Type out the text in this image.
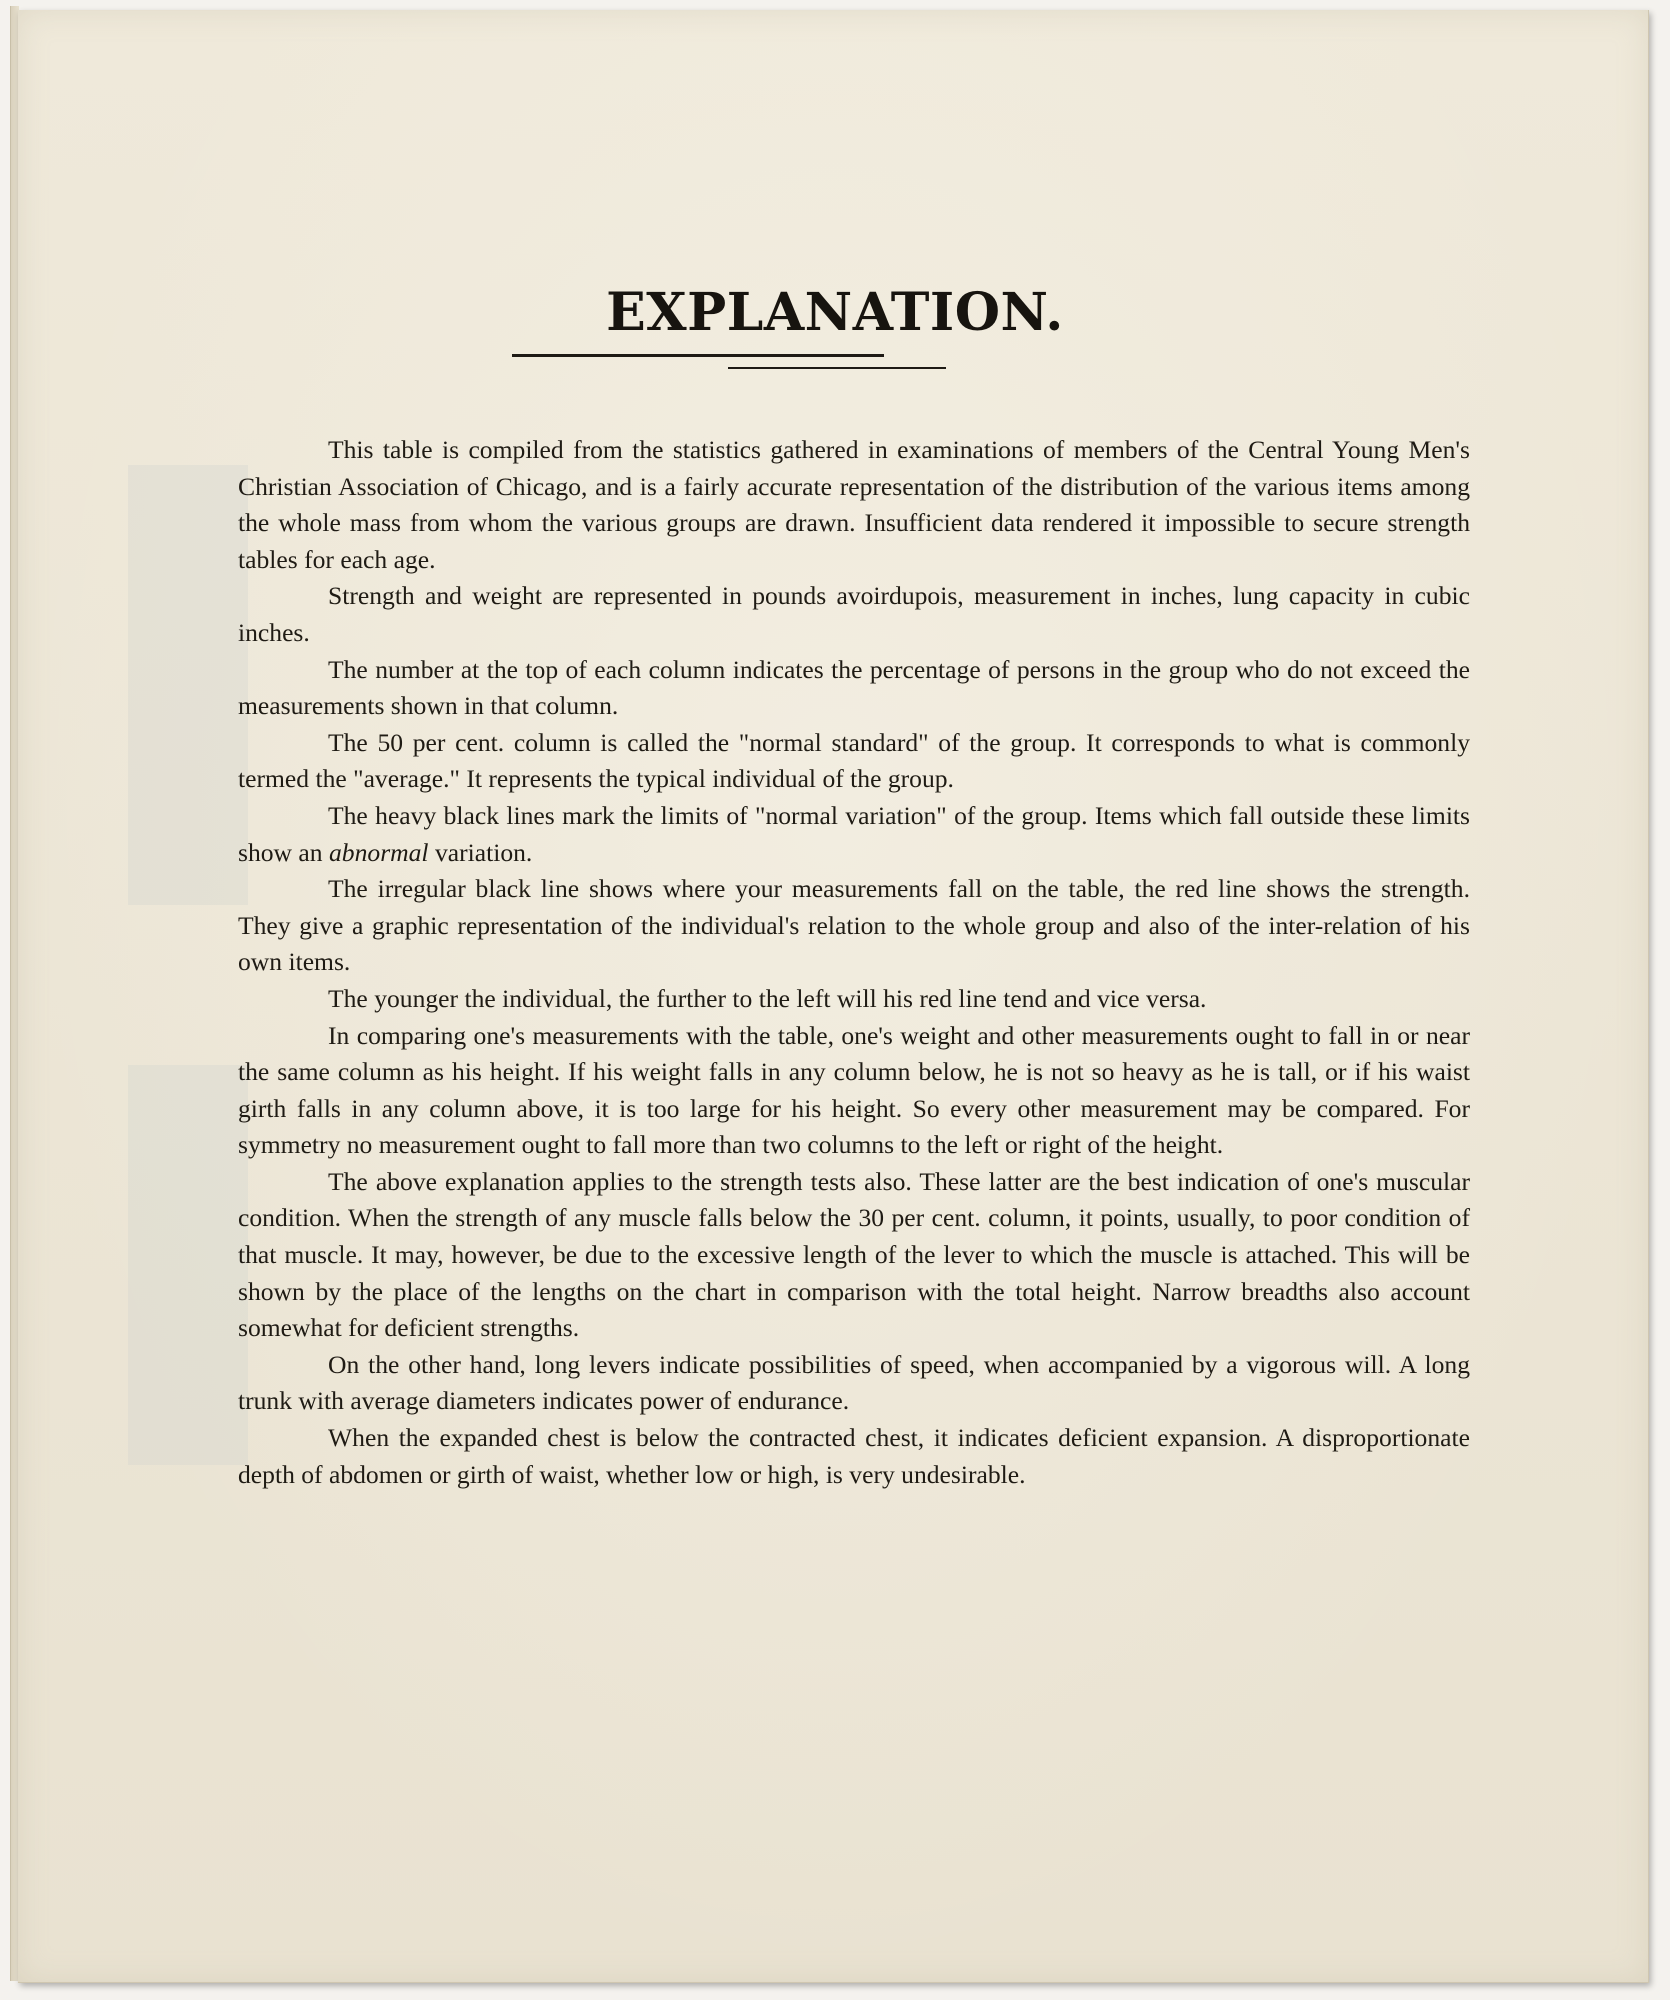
EXPLANATION.

This table is compiled from the statistics gathered in examinations of members of the Central Young Men's Christian Association of Chicago, and is a fairly accurate representation of the distribution of the various items among the whole mass from whom the various groups are drawn. Insufficient data rendered it impossible to secure strength tables for each age.

Strength and weight are represented in pounds avoirdupois, measurement in inches, lung capacity in cubic inches.

The number at the top of each column indicates the percentage of persons in the group who do not exceed the measurements shown in that column.

The 50 per cent. column is called the "normal standard" of the group. It corresponds to what is commonly termed the "average." It represents the typical individual of the group.

The heavy black lines mark the limits of "normal variation" of the group. Items which fall outside these limits show an abnormal variation.

The irregular black line shows where your measurements fall on the table, the red line shows the strength. They give a graphic representation of the individual's relation to the whole group and also of the inter-relation of his own items.

The younger the individual, the further to the left will his red line tend and vice versa.

In comparing one's measurements with the table, one's weight and other measurements ought to fall in or near the same column as his height. If his weight falls in any column below, he is not so heavy as he is tall, or if his waist girth falls in any column above, it is too large for his height. So every other measurement may be compared. For symmetry no measurement ought to fall more than two columns to the left or right of the height.

The above explanation applies to the strength tests also. These latter are the best indication of one's muscular condition. When the strength of any muscle falls below the 30 per cent. column, it points, usually, to poor condition of that muscle. It may, however, be due to the excessive length of the lever to which the muscle is attached. This will be shown by the place of the lengths on the chart in comparison with the total height. Narrow breadths also account somewhat for deficient strengths.

On the other hand, long levers indicate possibilities of speed, when accompanied by a vigorous will. A long trunk with average diameters indicates power of endurance.

When the expanded chest is below the contracted chest, it indicates deficient expansion. A disproportionate depth of abdomen or girth of waist, whether low or high, is very undesirable.
